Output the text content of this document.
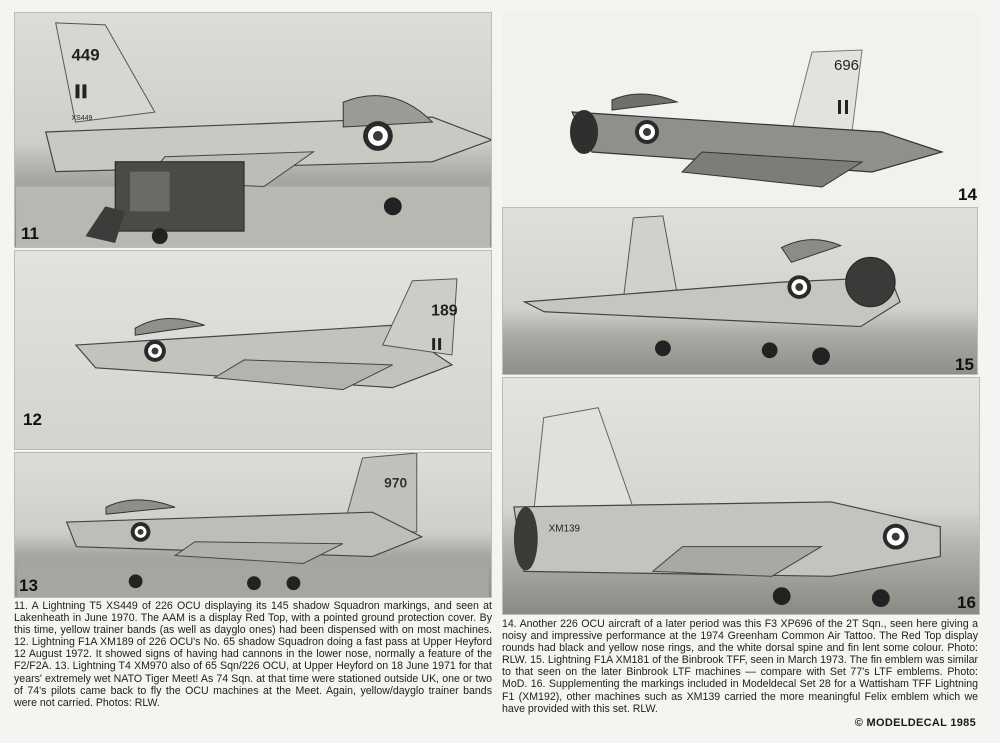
449
XS449
11
189
12
970
13
696
14
15
XM139
16
11. A Lightning T5 XS449 of 226 OCU displaying its 145 shadow Squadron markings, and seen at Lakenheath in June 1970. The AAM is a display Red Top, with a pointed ground protection cover. By this time, yellow trainer bands (as well as dayglo ones) had been dispensed with on most machines. 12. Lightning F1A XM189 of 226 OCU's No. 65 shadow Squadron doing a fast pass at Upper Heyford 12 August 1972. It showed signs of having had cannons in the lower nose, normally a feature of the F2/F2A. 13. Lightning T4 XM970 also of 65 Sqn/226 OCU, at Upper Heyford on 18 June 1971 for that years' extremely wet NATO Tiger Meet! As 74 Sqn. at that time were stationed outside UK, one or two of 74's pilots came back to fly the OCU machines at the Meet. Again, yellow/dayglo trainer bands were not carried. Photos: RLW.
14. Another 226 OCU aircraft of a later period was this F3 XP696 of the 2T Sqn., seen here giving a noisy and impressive performance at the 1974 Greenham Common Air Tattoo. The Red Top display rounds had black and yellow nose rings, and the white dorsal spine and fin lent some colour. Photo: RLW. 15. Lightning F1A XM181 of the Binbrook TFF, seen in March 1973. The fin emblem was similar to that seen on the later Binbrook LTF machines — compare with Set 77's LTF emblems. Photo: MoD. 16. Supplementing the markings included in Modeldecal Set 28 for a Wattisham TFF Lightning F1 (XM192), other machines such as XM139 carried the more meaningful Felix emblem which we have provided with this set. RLW.
© MODELDECAL 1985
